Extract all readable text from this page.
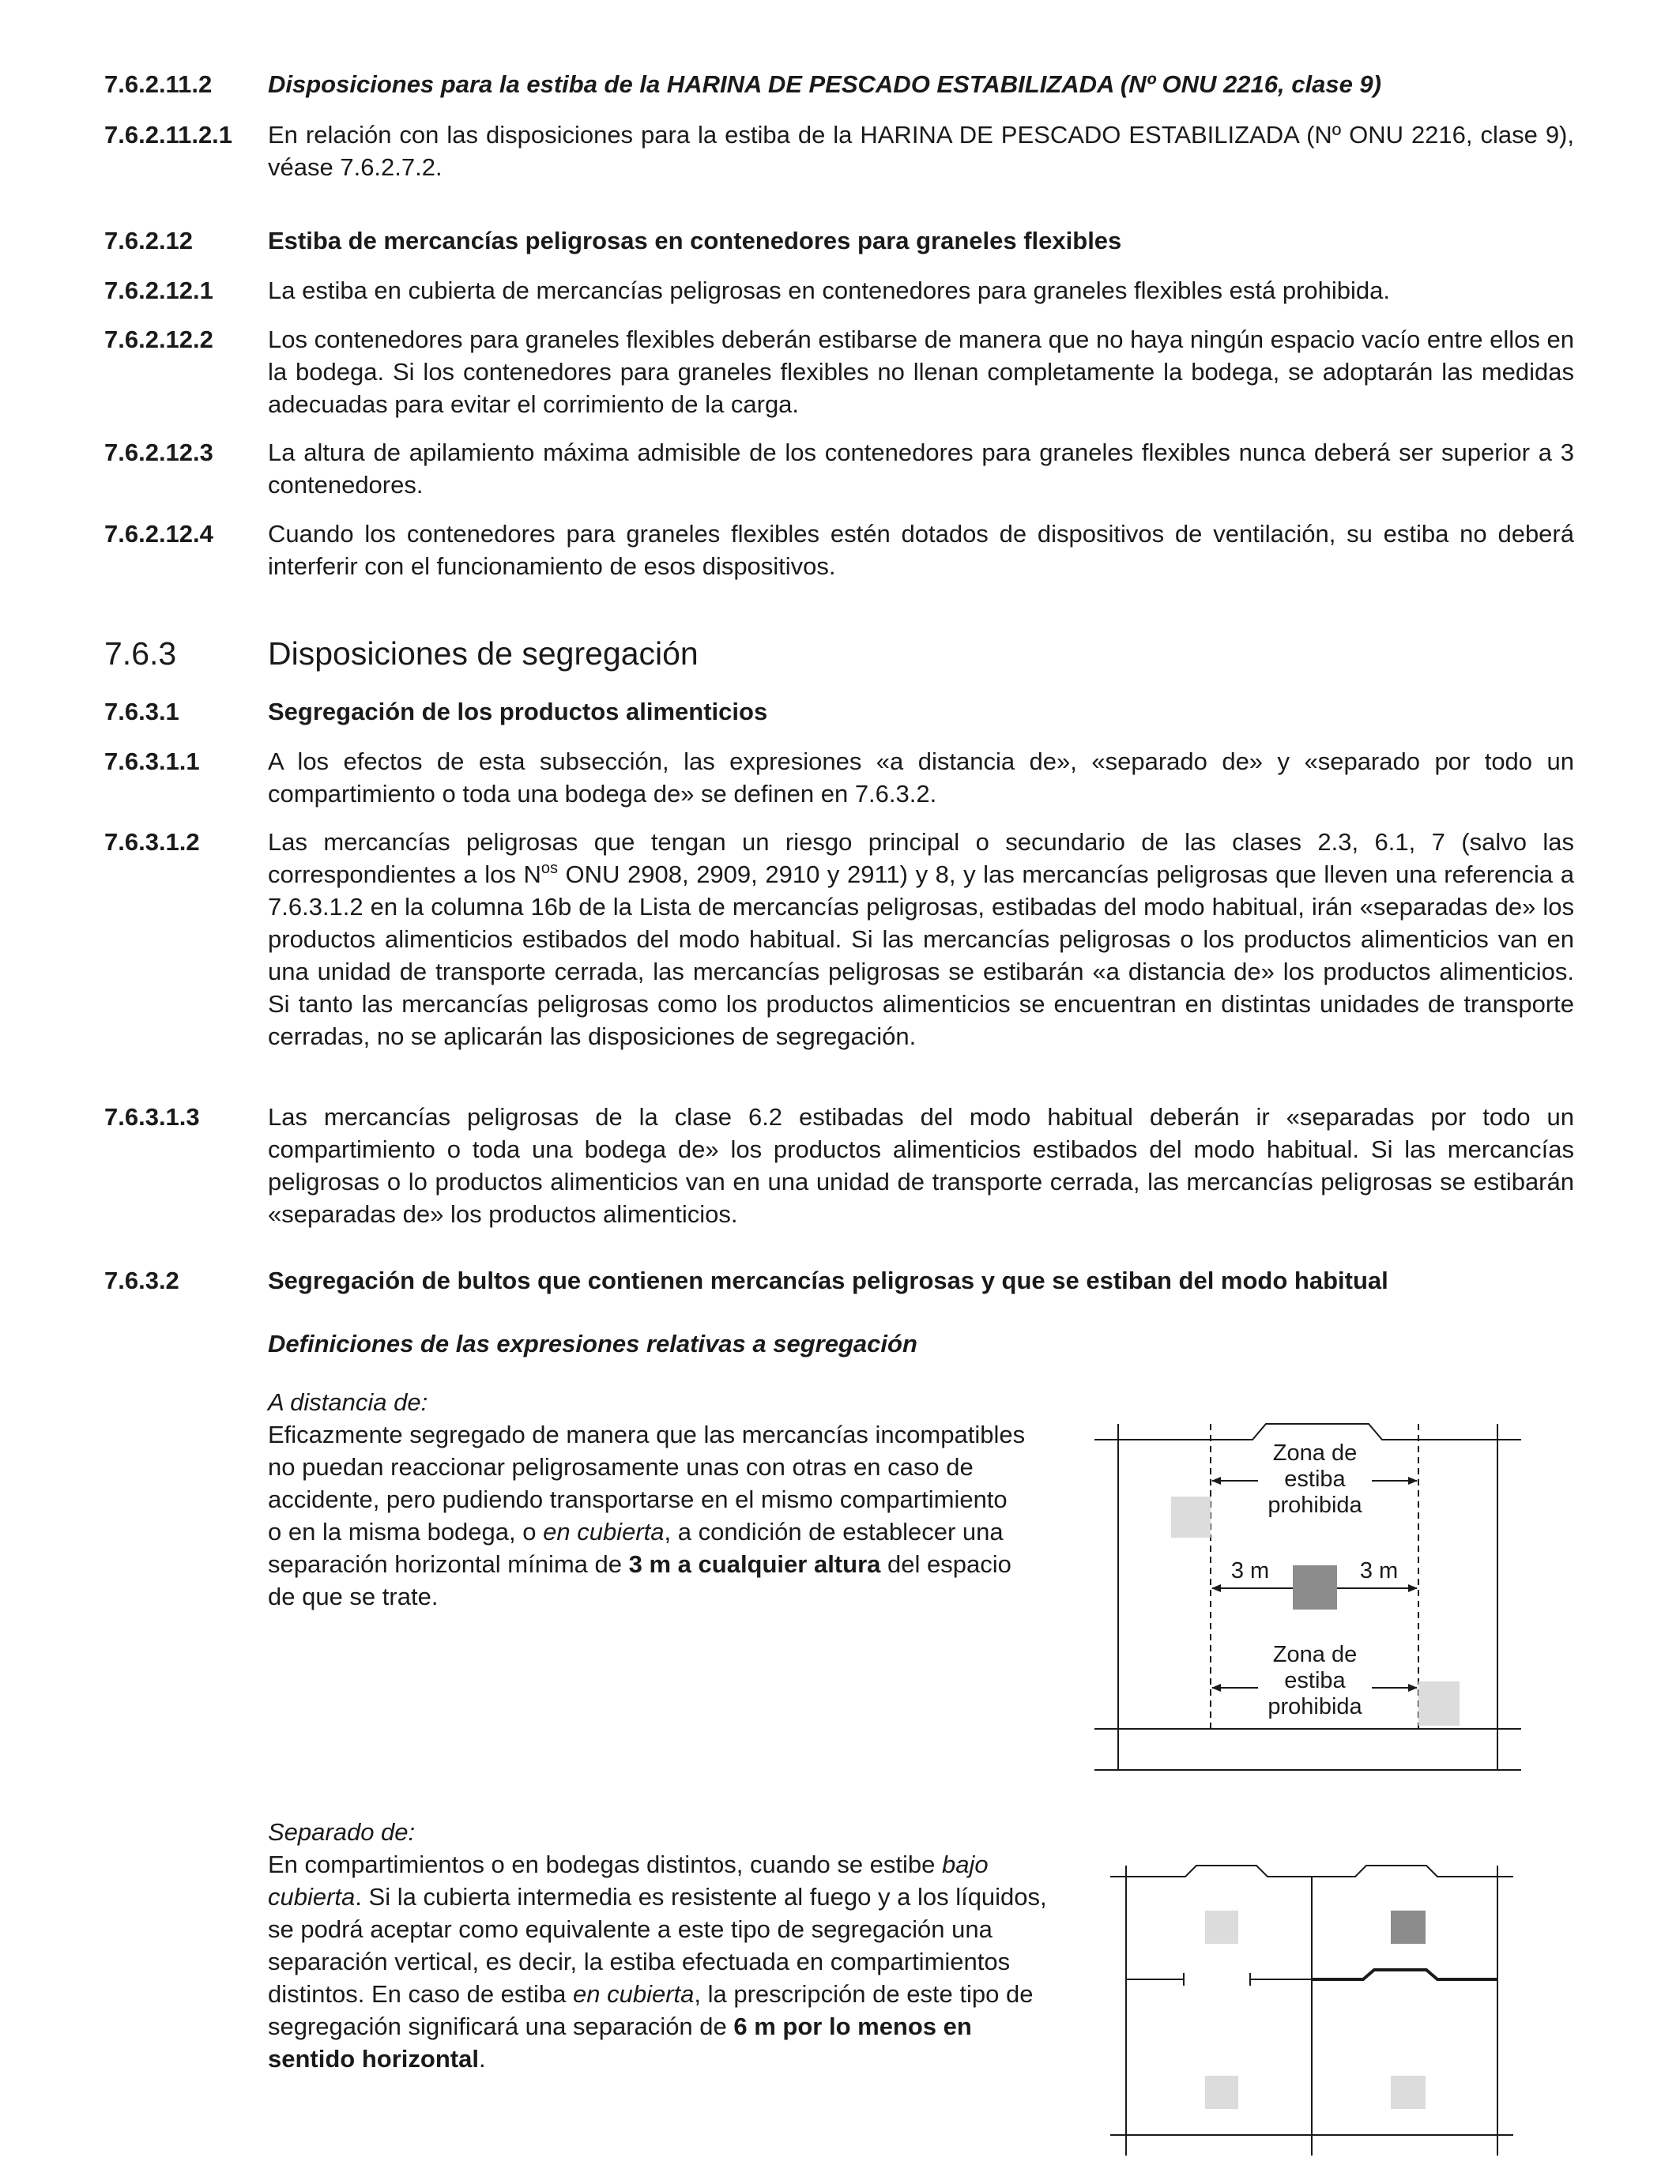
7.6.2.11.2 Disposiciones para la estiba de la HARINA DE PESCADO ESTABILIZADA (Nº ONU 2216, clase 9)
7.6.2.11.2.1 En relación con las disposiciones para la estiba de la HARINA DE PESCADO ESTABILIZADA (Nº ONU 2216, clase 9), véase 7.6.2.7.2.
7.6.2.12	Estiba de mercancías peligrosas en contenedores para graneles flexibles
7.6.2.12.1 La estiba en cubierta de mercancías peligrosas en contenedores para graneles flexibles está prohibida.
7.6.2.12.2 Los contenedores para graneles flexibles deberán estibarse de manera que no haya ningún espacio vacío entre ellos en la bodega. Si los contenedores para graneles flexibles no llenan completamente la bodega, se adoptarán las medidas adecuadas para evitar el corrimiento de la carga.
7.6.2.12.3 La altura de apilamiento máxima admisible de los contenedores para graneles flexibles nunca deberá ser superior a 3 contenedores.
7.6.2.12.4 Cuando los contenedores para graneles flexibles estén dotados de dispositivos de ventilación, su estiba no deberá interferir con el funcionamiento de esos dispositivos.
7.6.3	Disposiciones de segregación
7.6.3.1	Segregación de los productos alimenticios
7.6.3.1.1	A los efectos de esta subsección, las expresiones «a distancia de», «separado de» y «separado por todo un compartimiento o toda una bodega de» se definen en 7.6.3.2.
7.6.3.1.2	Las mercancías peligrosas que tengan un riesgo principal o secundario de las clases 2.3, 6.1, 7 (salvo las correspondientes a los $N^{os}$ ONU 2908, 2909, 2910 y 2911) y 8, y las mercancías peligrosas que lleven una referencia a 7.6.3.1.2 en la columna 16b de la Lista de mercancías peligrosas, estibadas del modo habitual, irán «separadas de» los productos alimenticios estibados del modo habitual. Si las mercancías peligrosas o los productos alimenticios van en una unidad de transporte cerrada, las mercancías peligrosas se estibarán «a distancia de» los productos alimenticios. Si tanto las mercancías peligrosas como los productos alimenticios se encuentran en distintas unidades de transporte cerradas, no se aplicarán las disposiciones de segregación.
7.6.3.1.3	Las mercancías peligrosas de la clase 6.2 estibadas del modo habitual deberán ir «separadas por todo un compartimiento o toda una bodega de» los productos alimenticios estibados del modo habitual. Si las mercancías peligrosas o lo productos alimenticios van en una unidad de transporte cerrada, las mercancías peligrosas se estibarán «separadas de» los productos alimenticios.
7.6.3.2	Segregación de bultos que contienen mercancías peligrosas y que se estiban del modo habitual
Definiciones de las expresiones relativas a segregación
A distancia de:
Eficazmente segregado de manera que las mercancías incompatibles no puedan reaccionar peligrosamente unas con otras en caso de accidente, pero pudiendo transportarse en el mismo compartimiento o en la misma bodega, o en cubierta, a condición de establecer una separación horizontal mínima de 3 m a cualquier altura del espacio de que se trate.
Zona de
estiba
prohibida
3 m	3 m
Zona de
estiba
prohibida
Separado de:
En compartimientos o en bodegas distintos, cuando se estibe bajo cubierta. Si la cubierta intermedia es resistente al fuego y a los líquidos, se podrá aceptar como equivalente a este tipo de segregación una separación vertical, es decir, la estiba efectuada en compartimientos distintos. En caso de estiba en cubierta, la prescripción de este tipo de segregación significará una separación de 6 m por lo menos en sentido horizontal.
